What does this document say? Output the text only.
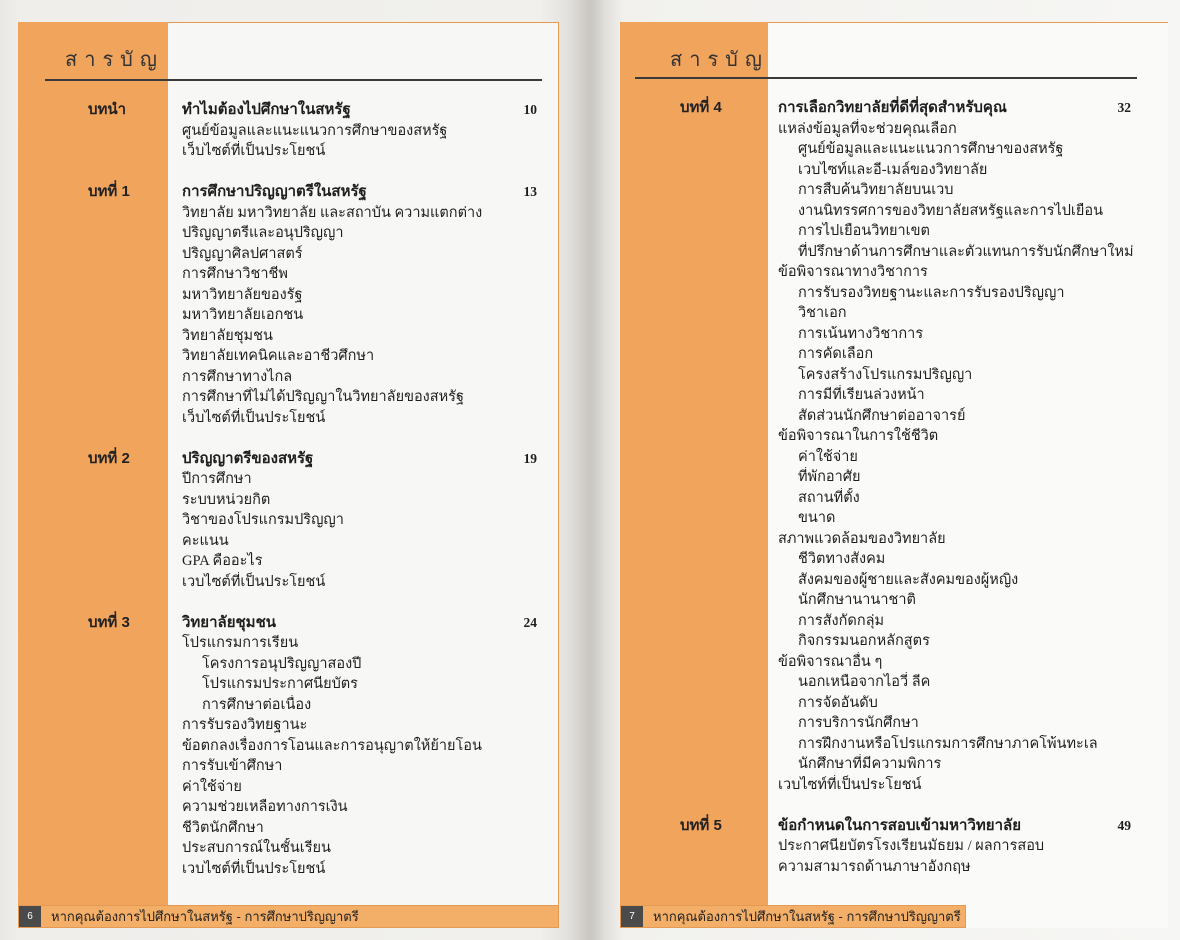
สารบัญ
บทนำ	ทำไมต้องไปศึกษาในสหรัฐ	10
ศูนย์ข้อมูลและแนะแนวการศึกษาของสหรัฐ
เว็บไซต์ที่เป็นประโยชน์
บทที่ 1	การศึกษาปริญญาตรีในสหรัฐ	13
วิทยาลัย มหาวิทยาลัย และสถาบัน ความแตกต่าง
ปริญญาตรีและอนุปริญญา
ปริญญาศิลปศาสตร์
การศึกษาวิชาชีพ
มหาวิทยาลัยของรัฐ
มหาวิทยาลัยเอกชน
วิทยาลัยชุมชน
วิทยาลัยเทคนิคและอาชีวศึกษา
การศึกษาทางไกล
การศึกษาที่ไม่ได้ปริญญาในวิทยาลัยของสหรัฐ
เว็บไซต์ที่เป็นประโยชน์
บทที่ 2	ปริญญาตรีของสหรัฐ	19
ปีการศึกษา
ระบบหน่วยกิต
วิชาของโปรแกรมปริญญา
คะแนน
GPA คืออะไร
เวบไซต์ที่เป็นประโยชน์
บทที่ 3	วิทยาลัยชุมชน	24
โปรแกรมการเรียน
โครงการอนุปริญญาสองปี
โปรแกรมประกาศนียบัตร
การศึกษาต่อเนื่อง
การรับรองวิทยฐานะ
ข้อตกลงเรื่องการโอนและการอนุญาตให้ย้ายโอน
การรับเข้าศึกษา
ค่าใช้จ่าย
ความช่วยเหลือทางการเงิน
ชีวิตนักศึกษา
ประสบการณ์ในชั้นเรียน
เวบไซต์ที่เป็นประโยชน์
6	หากคุณต้องการไปศึกษาในสหรัฐ - การศึกษาปริญญาตรี
สารบัญ
บทที่ 4	การเลือกวิทยาลัยที่ดีที่สุดสำหรับคุณ	32
แหล่งข้อมูลที่จะช่วยคุณเลือก
ศูนย์ข้อมูลและแนะแนวการศึกษาของสหรัฐ
เวบไซท์และอี-เมล์ของวิทยาลัย
การสืบค้นวิทยาลัยบนเวบ
งานนิทรรศการของวิทยาลัยสหรัฐและการไปเยือน
การไปเยือนวิทยาเขต
ที่ปรึกษาด้านการศึกษาและตัวแทนการรับนักศึกษาใหม่
ข้อพิจารณาทางวิชาการ
การรับรองวิทยฐานะและการรับรองปริญญา
วิชาเอก
การเน้นทางวิชาการ
การคัดเลือก
โครงสร้างโปรแกรมปริญญา
การมีที่เรียนล่วงหน้า
สัดส่วนนักศึกษาต่ออาจารย์
ข้อพิจารณาในการใช้ชีวิต
ค่าใช้จ่าย
ที่พักอาศัย
สถานที่ตั้ง
ขนาด
สภาพแวดล้อมของวิทยาลัย
ชีวิตทางสังคม
สังคมของผู้ชายและสังคมของผู้หญิง
นักศึกษานานาชาติ
การสังกัดกลุ่ม
กิจกรรมนอกหลักสูตร
ข้อพิจารณาอื่น ๆ
นอกเหนือจากไอวี่ ลีค
การจัดอันดับ
การบริการนักศึกษา
การฝึกงานหรือโปรแกรมการศึกษาภาคโพ้นทะเล
นักศึกษาที่มีความพิการ
เวบไซท์ที่เป็นประโยชน์
บทที่ 5	ข้อกำหนดในการสอบเข้ามหาวิทยาลัย	49
ประกาศนียบัตรโรงเรียนมัธยม / ผลการสอบ
ความสามารถด้านภาษาอังกฤษ
7	หากคุณต้องการไปศึกษาในสหรัฐ - การศึกษาปริญญาตรี
